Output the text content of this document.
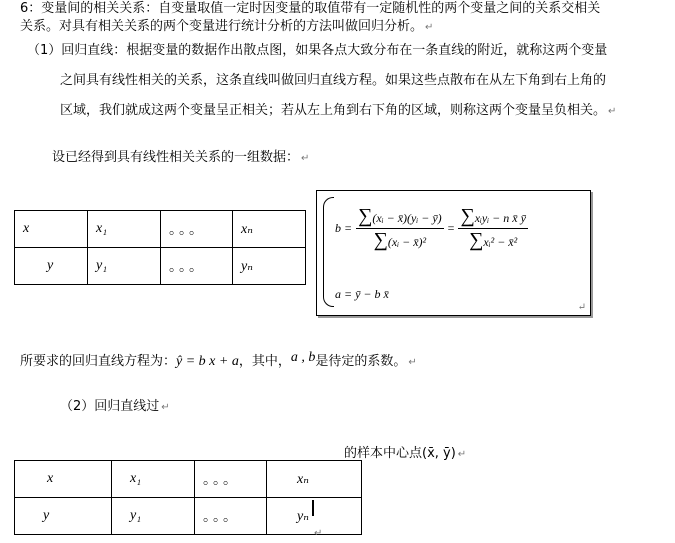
6：变量间的相关关系：自变量取值一定时因变量的取值带有一定随机性的两个变量之间的关系交相关
关系。对具有相关关系的两个变量进行统计分析的方法叫做回归分析。 ↵
（1）回归直线：根据变量的数据作出散点图，如果各点大致分布在一条直线的附近，就称这两个变量
之间具有线性相关的关系，这条直线叫做回归直线方程。如果这些点散布在从左下角到右上角的
区域，我们就成这两个变量呈正相关；若从左上角到右下角的区域，则称这两个变量呈负相关。 ↵
设已经得到具有线性相关关系的一组数据： ↵
x	x₁	。。。	xₙ
y	y₁	。。。	yₙ
$b = \frac{\text{∑(xᵢ − x̄)(yᵢ − ȳ)}}{\text{∑(xᵢ − x̄)²}} = \frac{\text{∑xᵢyᵢ − n x̄ ȳ}}{\text{∑xᵢ² − x̄²}}$
a = ȳ − b x̄
↵
所要求的回归直线方程为：ŷ = b x + a，其中，a , b是待定的系数。 ↵
（2）回归直线过 ↵
的样本中心点(x̄, ȳ) ↵
x	x₁	。。。	xₙ
y	y₁	。。。	yₙ
↵
